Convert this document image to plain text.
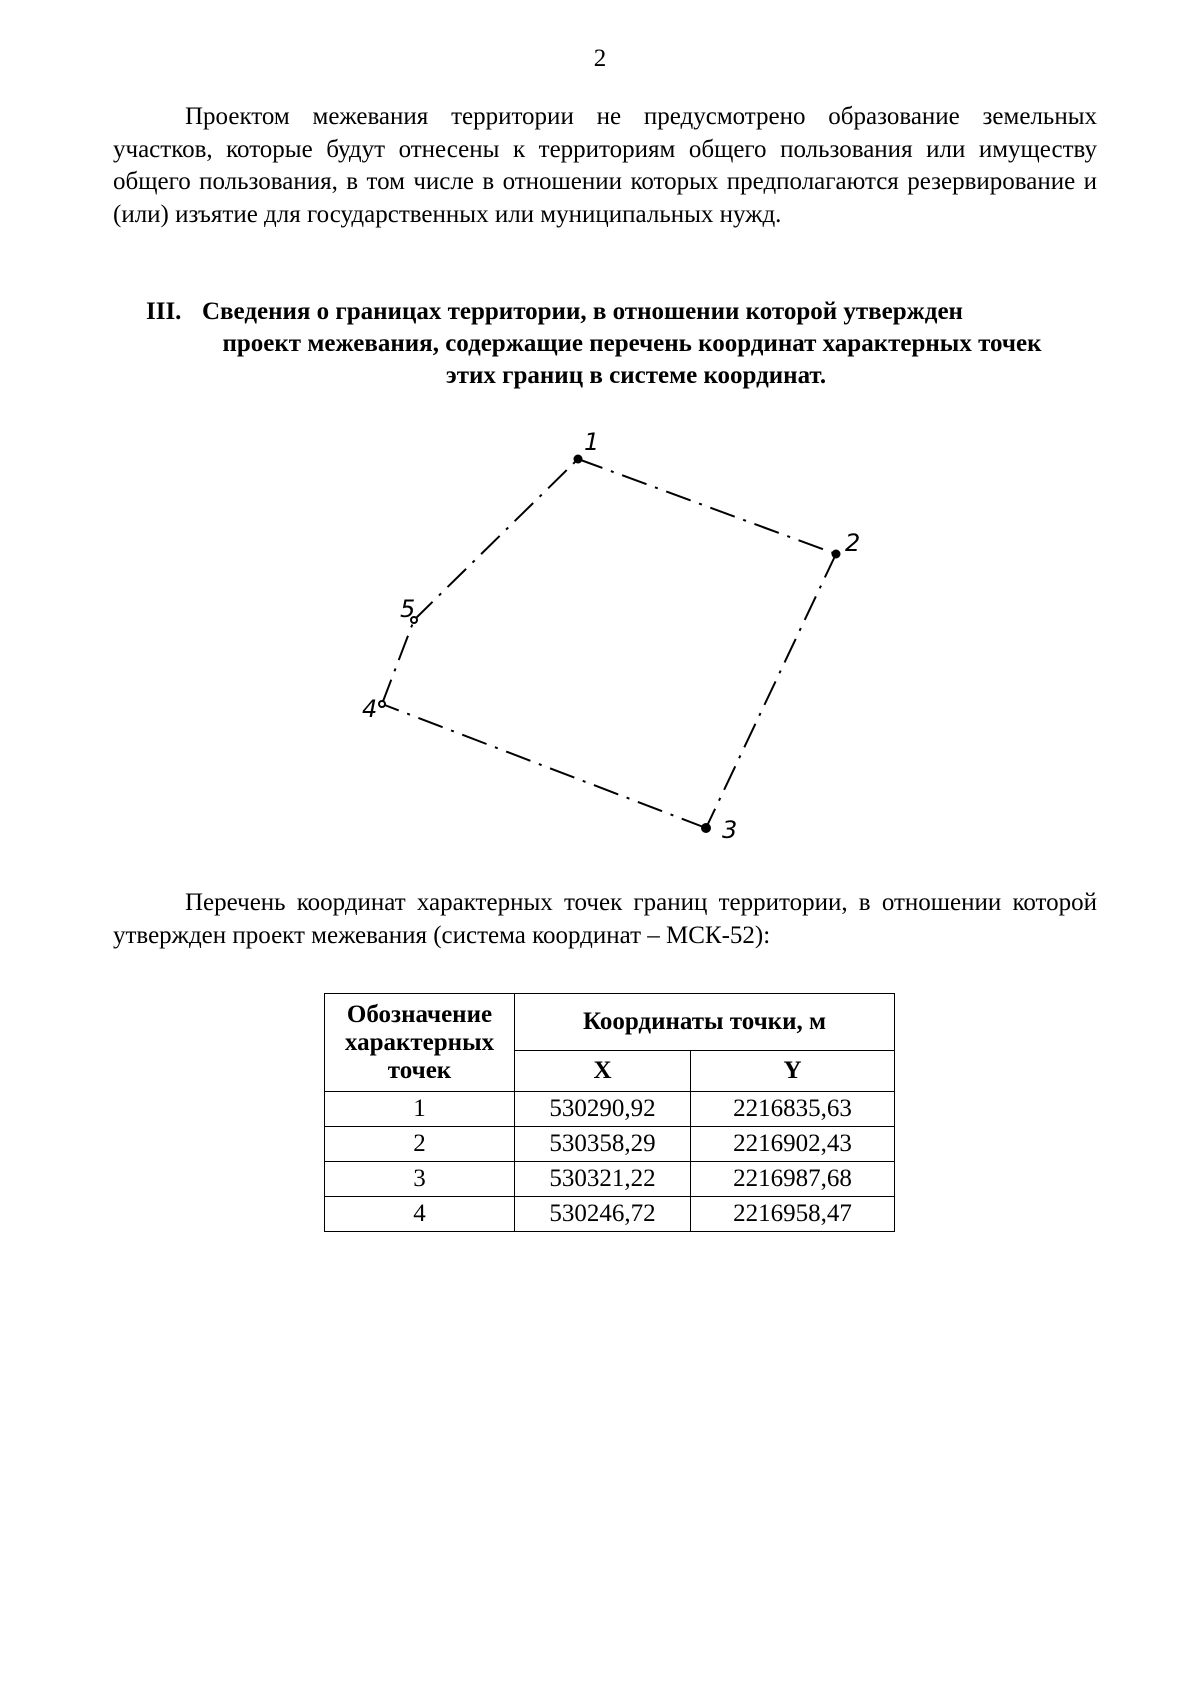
2

Проектом межевания территории не предусмотрено образование земельных участков, которые будут отнесены к территориям общего пользования или имуществу общего пользования, в том числе в отношении которых предполагаются резервирование и (или) изъятие для государственных или муниципальных нужд.

III. Сведения о границах территории, в отношении которой утвержден
проект межевания, содержащие перечень координат характерных точек
этих границ в системе координат.
1
2
3
4
5

Перечень координат характерных точек границ территории, в отношении которой утвержден проект межевания (система координат – МСК-52):

Обозначение характерных точек	Координаты точки, м	
	X	Y
1	530290,92	2216835,63
2	530358,29	2216902,43
3	530321,22	2216987,68
4	530246,72	2216958,47
